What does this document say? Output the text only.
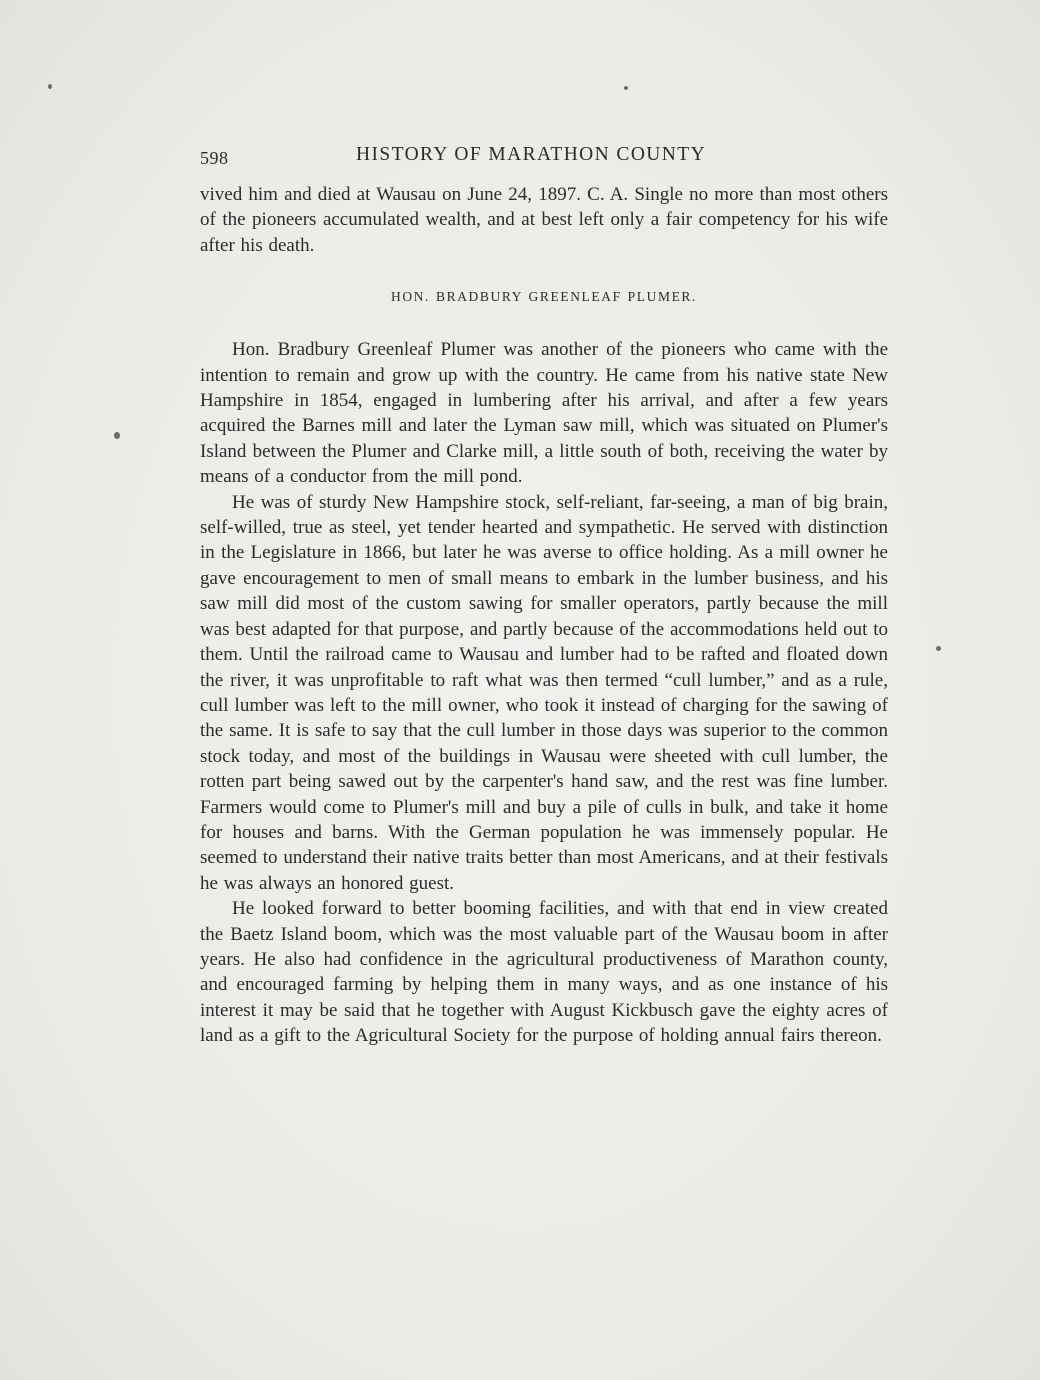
598	HISTORY OF MARATHON COUNTY

vived him and died at Wausau on June 24, 1897. C. A. Single no more than most others of the pioneers accumulated wealth, and at best left only a fair competency for his wife after his death.

HON. BRADBURY GREENLEAF PLUMER.

Hon. Bradbury Greenleaf Plumer was another of the pioneers who came with the intention to remain and grow up with the country. He came from his native state New Hampshire in 1854, engaged in lumbering after his arrival, and after a few years acquired the Barnes mill and later the Lyman saw mill, which was situated on Plumer's Island between the Plumer and Clarke mill, a little south of both, receiving the water by means of a conductor from the mill pond.

He was of sturdy New Hampshire stock, self-reliant, far-seeing, a man of big brain, self-willed, true as steel, yet tender hearted and sympathetic. He served with distinction in the Legislature in 1866, but later he was averse to office holding. As a mill owner he gave encouragement to men of small means to embark in the lumber business, and his saw mill did most of the custom sawing for smaller operators, partly because the mill was best adapted for that purpose, and partly because of the accommodations held out to them. Until the railroad came to Wausau and lumber had to be rafted and floated down the river, it was unprofitable to raft what was then termed “cull lumber,” and as a rule, cull lumber was left to the mill owner, who took it instead of charging for the sawing of the same. It is safe to say that the cull lumber in those days was superior to the common stock today, and most of the buildings in Wausau were sheeted with cull lumber, the rotten part being sawed out by the carpenter's hand saw, and the rest was fine lumber. Farmers would come to Plumer's mill and buy a pile of culls in bulk, and take it home for houses and barns. With the German population he was immensely popular. He seemed to understand their native traits better than most Americans, and at their festivals he was always an honored guest.

He looked forward to better booming facilities, and with that end in view created the Baetz Island boom, which was the most valuable part of the Wausau boom in after years. He also had confidence in the agricultural productiveness of Marathon county, and encouraged farming by helping them in many ways, and as one instance of his interest it may be said that he together with August Kickbusch gave the eighty acres of land as a gift to the Agricultural Society for the purpose of holding annual fairs thereon.
